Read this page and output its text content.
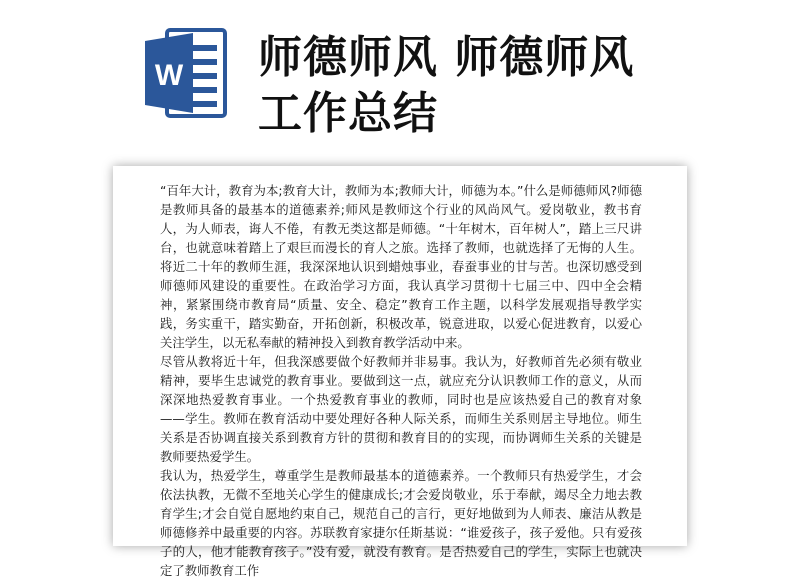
W 师德师风 师德师风
工作总结

“百年大计，教育为本;教育大计，教师为本;教师大计，师德为本。”什么是师德师风?师德是教师具备的最基本的道德素养;师风是教师这个行业的风尚风气。爱岗敬业，教书育人，为人师表，诲人不倦，有教无类这都是师德。“十年树木，百年树人”，踏上三尺讲台，也就意味着踏上了艰巨而漫长的育人之旅。选择了教师，也就选择了无悔的人生。将近二十年的教师生涯，我深深地认识到蜡烛事业，春蚕事业的甘与苦。也深切感受到师德师风建设的重要性。在政治学习方面，我认真学习贯彻十七届三中、四中全会精神，紧紧围绕市教育局“质量、安全、稳定”教育工作主题，以科学发展观指导教学实践，务实重干，踏实勤奋，开拓创新，积极改革，锐意进取，以爱心促进教育，以爱心关注学生，以无私奉献的精神投入到教育教学活动中来。

尽管从教将近十年，但我深感要做个好教师并非易事。我认为，好教师首先必须有敬业精神，要毕生忠诚党的教育事业。要做到这一点，就应充分认识教师工作的意义，从而深深地热爱教育事业。一个热爱教育事业的教师，同时也是应该热爱自己的教育对象——学生。教师在教育活动中要处理好各种人际关系，而师生关系则居主导地位。师生关系是否协调直接关系到教育方针的贯彻和教育目的的实现，而协调师生关系的关键是教师要热爱学生。

我认为，热爱学生，尊重学生是教师最基本的道德素养。一个教师只有热爱学生，才会依法执教，无微不至地关心学生的健康成长;才会爱岗敬业，乐于奉献，竭尽全力地去教育学生;才会自觉自愿地约束自己，规范自己的言行，更好地做到为人师表、廉洁从教是师德修养中最重要的内容。苏联教育家捷尔任斯基说：“谁爱孩子，孩子爱他。只有爱孩子的人，他才能教育孩子。”没有爱，就没有教育。是否热爱自己的学生，实际上也就决定了教师教育工作
